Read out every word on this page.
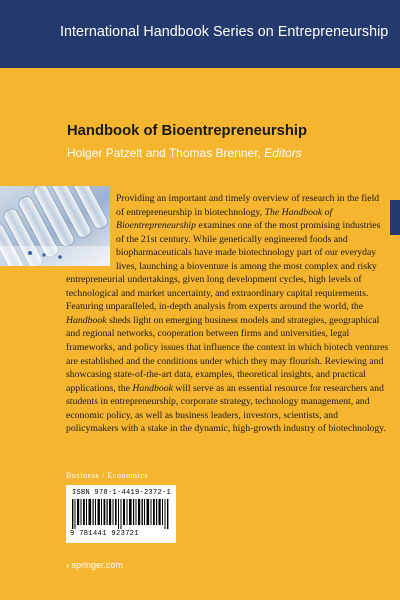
International Handbook Series on Entrepreneurship
Handbook of Bioentrepreneurship
Holger Patzelt and Thomas Brenner, Editors
Providing an important and timely overview of research in the field of entrepreneurship in biotechnology, The Handbook of Bioentrepreneurship examines one of the most promising industries of the 21st century. While genetically engineered foods and biopharmaceuticals have made biotechnology part of our everyday lives, launching a bioventure is among the most complex and risky entrepreneurial undertakings, given long development cycles, high levels of technological and market uncertainty, and extraordinary capital requirements. Featuring unparalleled, in-depth analysis from experts around the world, the Handbook sheds light on emerging business models and strategies, geographical and regional networks, cooperation between firms and universities, legal frameworks, and policy issues that influence the context in which biotech ventures are established and the conditions under which they may flourish. Reviewing and showcasing state-of-the-art data, examples, theoretical insights, and practical applications, the Handbook will serve as an essential resource for researchers and students in entrepreneurship, corporate strategy, technology management, and economic policy, as well as business leaders, investors, scientists, and policymakers with a stake in the dynamic, high-growth industry of biotechnology.
Business / Economics
ISBN 978-1-4419-2372-1
9 781441 923721
› springer.com
